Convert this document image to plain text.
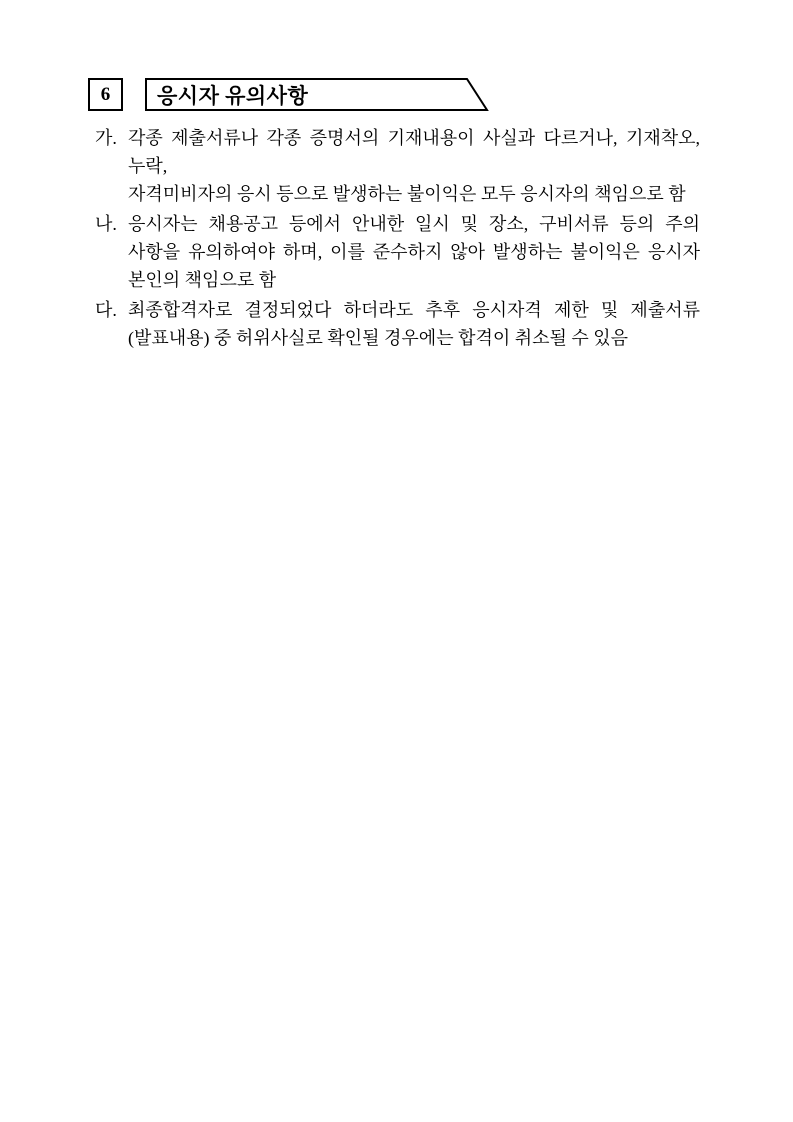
6 응시자 유의사항
가. 각종 제출서류나 각종 증명서의 기재내용이 사실과 다르거나, 기재착오, 누락,
자격미비자의 응시 등으로 발생하는 불이익은 모두 응시자의 책임으로 함
나. 응시자는 채용공고 등에서 안내한 일시 및 장소, 구비서류 등의 주의
사항을 유의하여야 하며, 이를 준수하지 않아 발생하는 불이익은 응시자
본인의 책임으로 함
다. 최종합격자로 결정되었다 하더라도 추후 응시자격 제한 및 제출서류
(발표내용) 중 허위사실로 확인될 경우에는 합격이 취소될 수 있음
